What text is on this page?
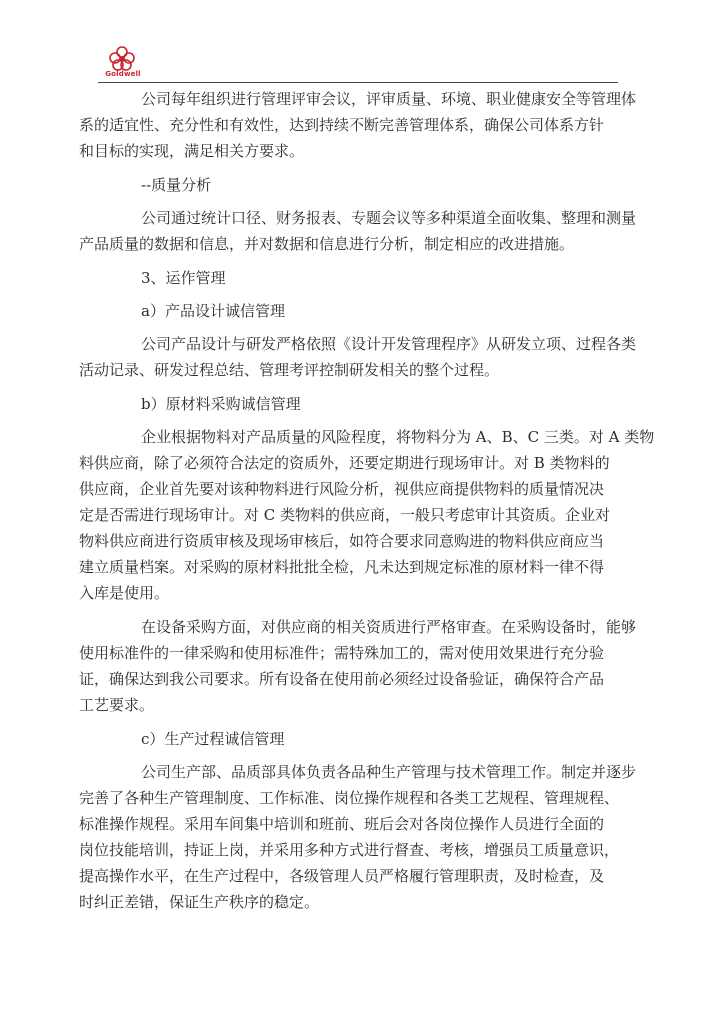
Goldwell
公司每年组织进行管理评审会议，评审质量、环境、职业健康安全等管理体
系的适宜性、充分性和有效性，达到持续不断完善管理体系，确保公司体系方针
和目标的实现，满足相关方要求。
--质量分析
公司通过统计口径、财务报表、专题会议等多种渠道全面收集、整理和测量
产品质量的数据和信息，并对数据和信息进行分析，制定相应的改进措施。
3、运作管理
a）产品设计诚信管理
公司产品设计与研发严格依照《设计开发管理程序》从研发立项、过程各类
活动记录、研发过程总结、管理考评控制研发相关的整个过程。
b）原材料采购诚信管理
企业根据物料对产品质量的风险程度，将物料分为 A、B、C 三类。对 A 类物
料供应商，除了必须符合法定的资质外，还要定期进行现场审计。对 B 类物料的
供应商，企业首先要对该种物料进行风险分析，视供应商提供物料的质量情况决
定是否需进行现场审计。对 C 类物料的供应商，一般只考虑审计其资质。企业对
物料供应商进行资质审核及现场审核后，如符合要求同意购进的物料供应商应当
建立质量档案。对采购的原材料批批全检，凡未达到规定标准的原材料一律不得
入库是使用。
在设备采购方面，对供应商的相关资质进行严格审查。在采购设备时，能够
使用标准件的一律采购和使用标准件；需特殊加工的，需对使用效果进行充分验
证，确保达到我公司要求。所有设备在使用前必须经过设备验证，确保符合产品
工艺要求。
c）生产过程诚信管理
公司生产部、品质部具体负责各品种生产管理与技术管理工作。制定并逐步
完善了各种生产管理制度、工作标准、岗位操作规程和各类工艺规程、管理规程、
标准操作规程。采用车间集中培训和班前、班后会对各岗位操作人员进行全面的
岗位技能培训，持证上岗，并采用多种方式进行督查、考核，增强员工质量意识，
提高操作水平，在生产过程中，各级管理人员严格履行管理职责，及时检查，及
时纠正差错，保证生产秩序的稳定。
